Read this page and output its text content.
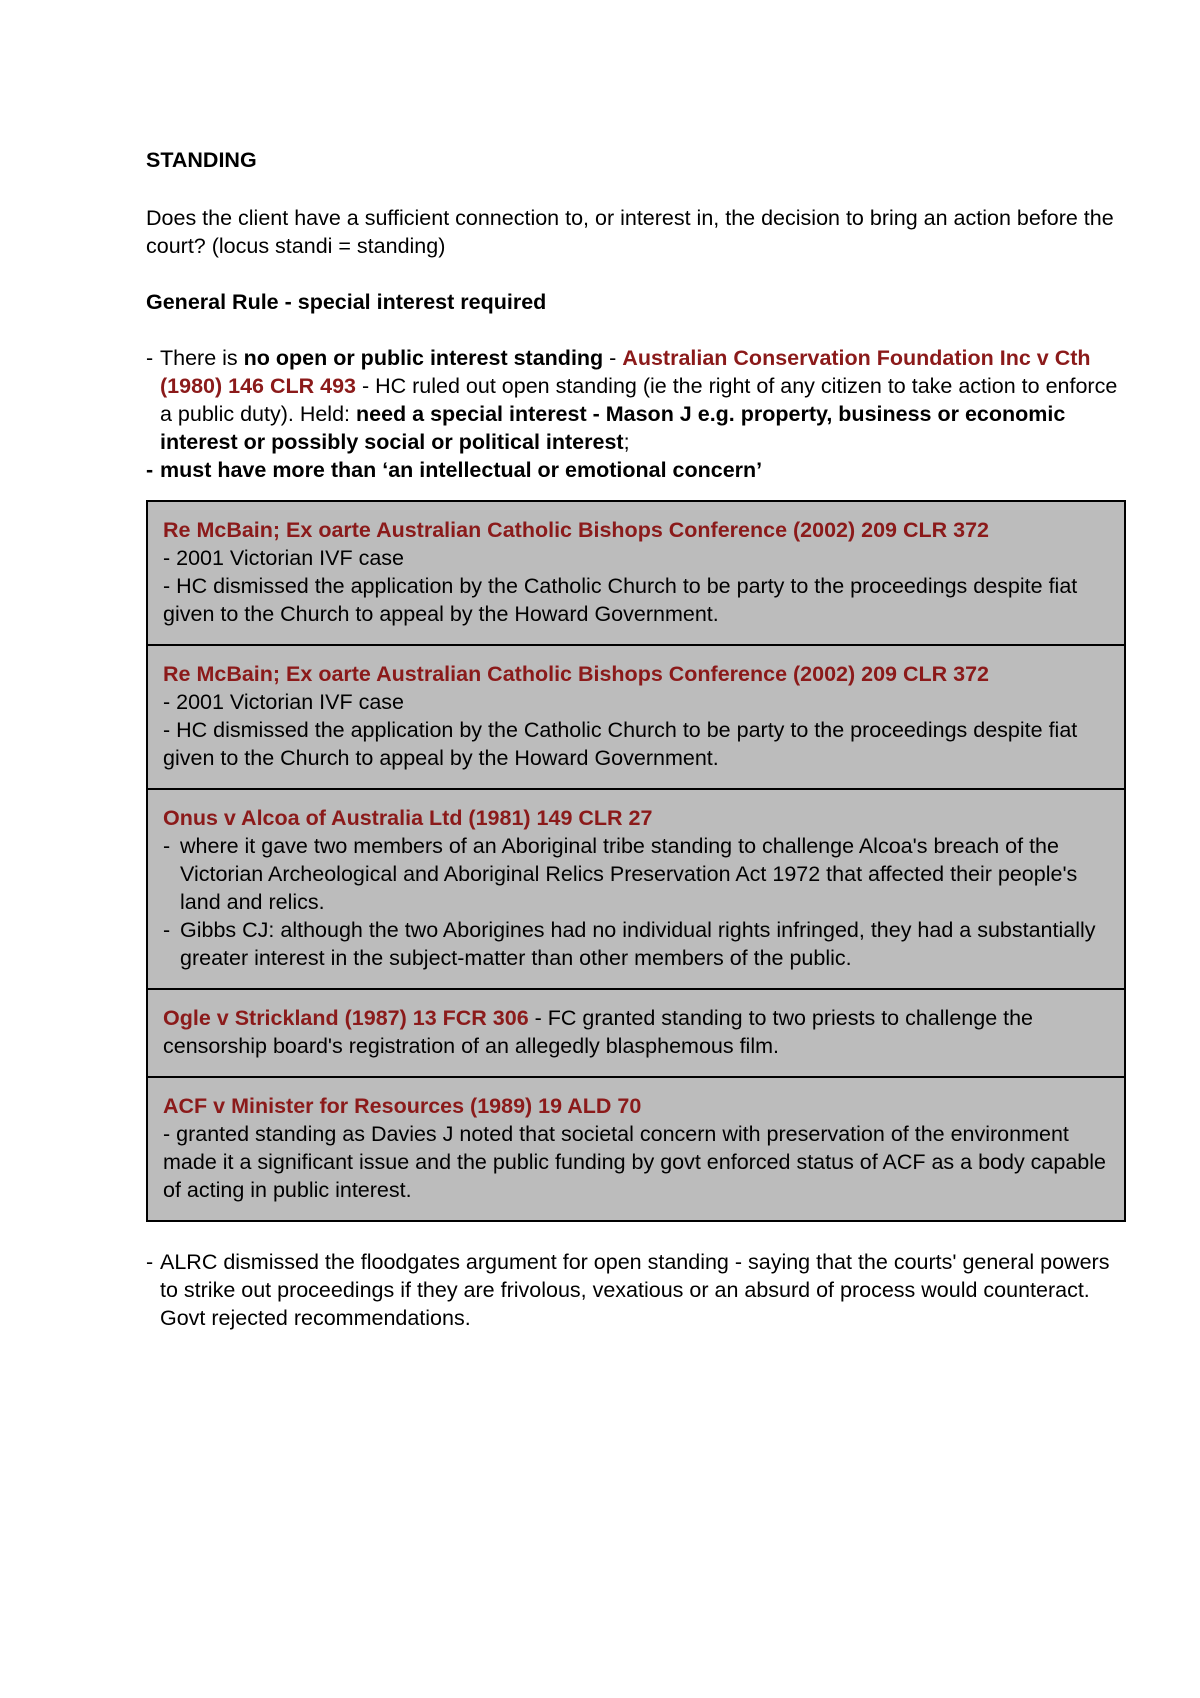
STANDING
Does the client have a sufficient connection to, or interest in, the decision to bring an action before the court? (locus standi = standing)
General Rule - special interest required
- There is no open or public interest standing - Australian Conservation Foundation Inc v Cth (1980) 146 CLR 493 - HC ruled out open standing (ie the right of any citizen to take action to enforce a public duty). Held: need a special interest - Mason J e.g. property, business or economic interest or possibly social or political interest;
- must have more than ‘an intellectual or emotional concern’
Re McBain; Ex oarte Australian Catholic Bishops Conference (2002) 209 CLR 372
- 2001 Victorian IVF case
- HC dismissed the application by the Catholic Church to be party to the proceedings despite fiat given to the Church to appeal by the Howard Government.
Re McBain; Ex oarte Australian Catholic Bishops Conference (2002) 209 CLR 372
- 2001 Victorian IVF case
- HC dismissed the application by the Catholic Church to be party to the proceedings despite fiat given to the Church to appeal by the Howard Government.
Onus v Alcoa of Australia Ltd (1981) 149 CLR 27
- where it gave two members of an Aboriginal tribe standing to challenge Alcoa's breach of the Victorian Archeological and Aboriginal Relics Preservation Act 1972 that affected their people's land and relics.
- Gibbs CJ: although the two Aborigines had no individual rights infringed, they had a substantially greater interest in the subject-matter than other members of the public.
Ogle v Strickland (1987) 13 FCR 306 - FC granted standing to two priests to challenge the censorship board's registration of an allegedly blasphemous film.
ACF v Minister for Resources (1989) 19 ALD 70
- granted standing as Davies J noted that societal concern with preservation of the environment made it a significant issue and the public funding by govt enforced status of ACF as a body capable of acting in public interest.
- ALRC dismissed the floodgates argument for open standing - saying that the courts' general powers to strike out proceedings if they are frivolous, vexatious or an absurd of process would counteract. Govt rejected recommendations.
